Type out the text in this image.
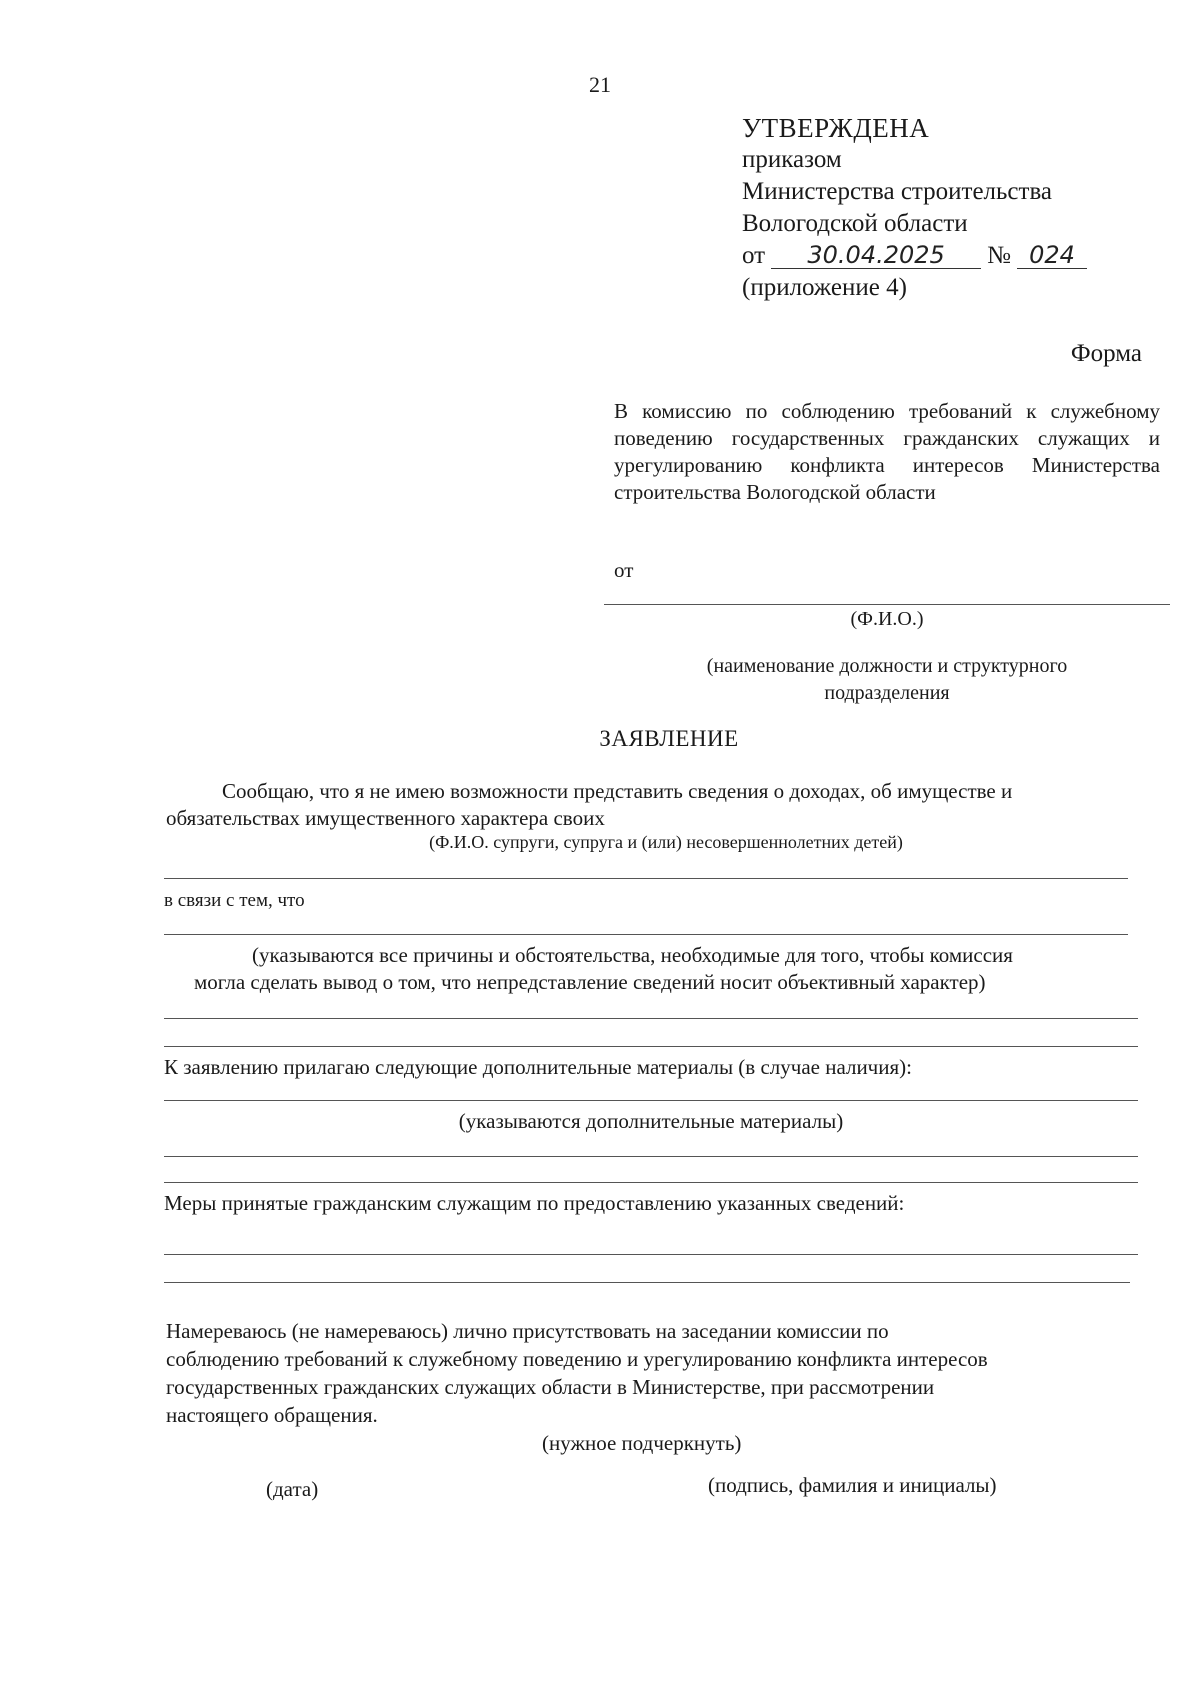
21
УТВЕРЖДЕНА
приказом
Министерства строительства
Вологодской области
от 30.04.2025 № 024
(приложение 4)
Форма
В комиссию по соблюдению требований к служебному поведению государственных гражданских служащих и урегулированию конфликта интересов Министерства строительства Вологодской области
от
(Ф.И.О.)
(наименование должности и структурного
подразделения
ЗАЯВЛЕНИЕ
Сообщаю, что я не имею возможности представить сведения о доходах, об имуществе и
обязательствах имущественного характера своих
(Ф.И.О. супруги, супруга и (или) несовершеннолетних детей)
в связи с тем, что
(указываются все причины и обстоятельства, необходимые для того, чтобы комиссия
могла сделать вывод о том, что непредставление сведений носит объективный характер)
К заявлению прилагаю следующие дополнительные материалы (в случае наличия):
(указываются дополнительные материалы)
Меры принятые гражданским служащим по предоставлению указанных сведений:
Намереваюсь (не намереваюсь) лично присутствовать на заседании комиссии по
соблюдению требований к служебному поведению и урегулированию конфликта интересов
государственных гражданских служащих области в Министерстве, при рассмотрении
настоящего обращения.
(нужное подчеркнуть)
(дата)	(подпись, фамилия и инициалы)
